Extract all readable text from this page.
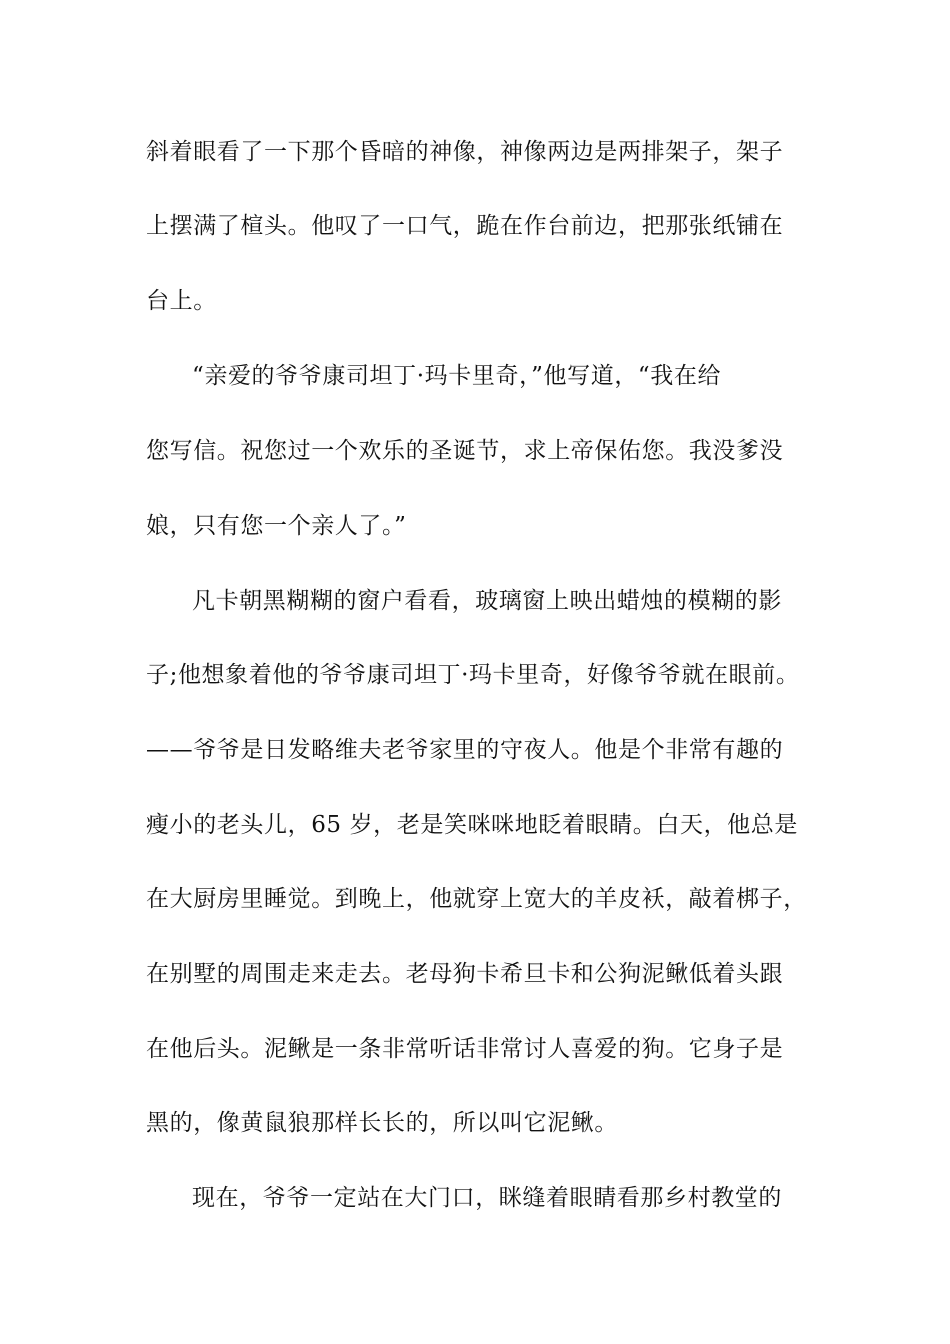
斜着眼看了一下那个昏暗的神像，神像两边是两排架子，架子
上摆满了楦头。他叹了一口气，跪在作台前边，把那张纸铺在
台上。
“亲爱的爷爷康司坦丁·玛卡里奇，”他写道，“我在给
您写信。祝您过一个欢乐的圣诞节，求上帝保佑您。我没爹没
娘，只有您一个亲人了。”
凡卡朝黑糊糊的窗户看看，玻璃窗上映出蜡烛的模糊的影
子;他想象着他的爷爷康司坦丁·玛卡里奇，好像爷爷就在眼前。
——爷爷是日发略维夫老爷家里的守夜人。他是个非常有趣的
瘦小的老头儿，65 岁，老是笑咪咪地眨着眼睛。白天，他总是
在大厨房里睡觉。到晚上，他就穿上宽大的羊皮袄，敲着梆子，
在别墅的周围走来走去。老母狗卡希旦卡和公狗泥鳅低着头跟
在他后头。泥鳅是一条非常听话非常讨人喜爱的狗。它身子是
黑的，像黄鼠狼那样长长的，所以叫它泥鳅。
现在，爷爷一定站在大门口，眯缝着眼睛看那乡村教堂的
